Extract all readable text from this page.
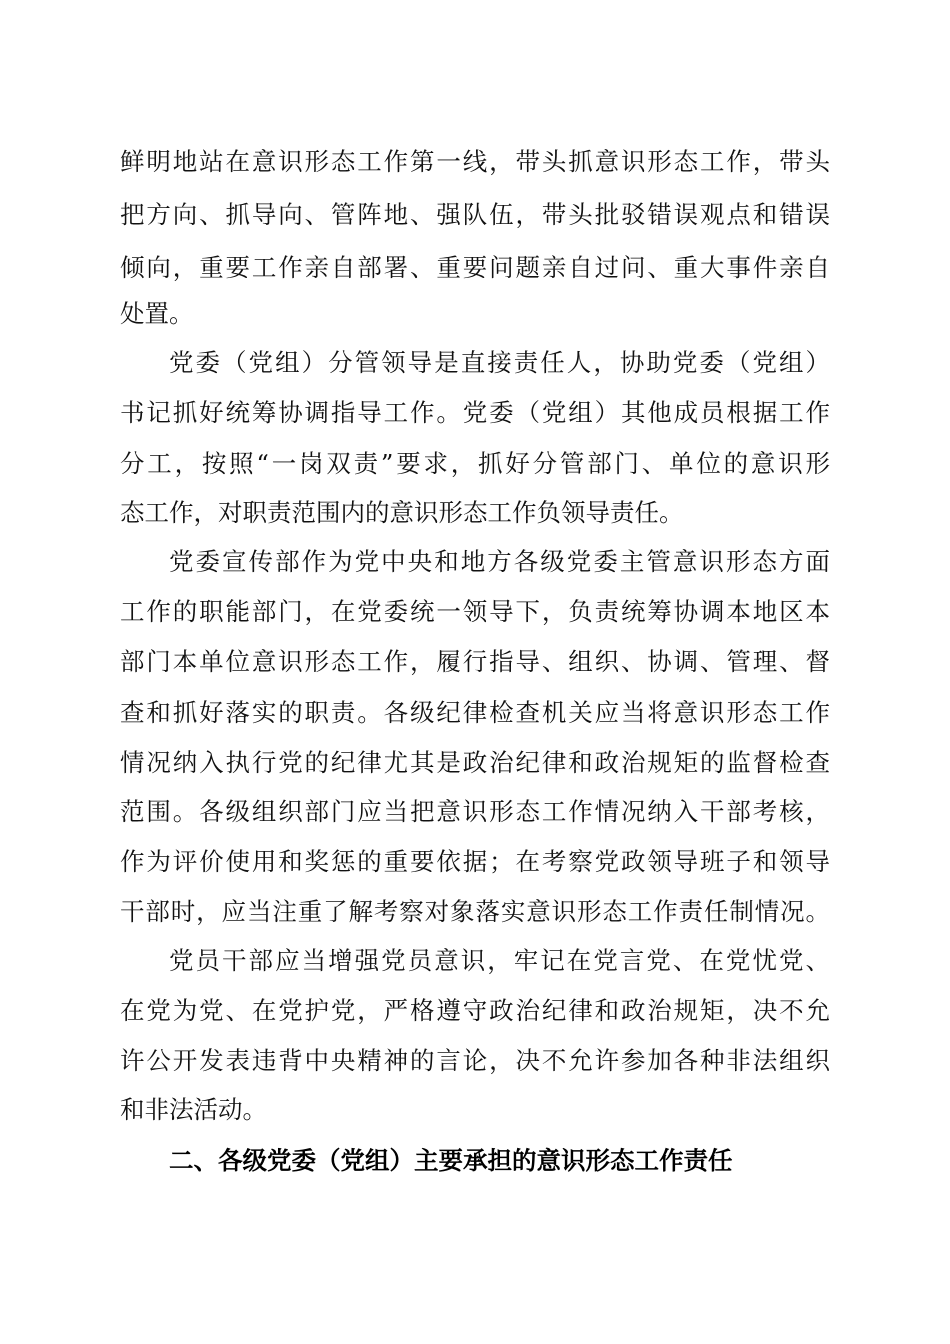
鲜明地站在意识形态工作第一线，带头抓意识形态工作，带头
把方向、抓导向、管阵地、强队伍，带头批驳错误观点和错误
倾向，重要工作亲自部署、重要问题亲自过问、重大事件亲自
处置。
党委（党组）分管领导是直接责任人，协助党委（党组）
书记抓好统筹协调指导工作。党委（党组）其他成员根据工作
分工，按照“一岗双责”要求，抓好分管部门、单位的意识形
态工作，对职责范围内的意识形态工作负领导责任。
党委宣传部作为党中央和地方各级党委主管意识形态方面
工作的职能部门，在党委统一领导下，负责统筹协调本地区本
部门本单位意识形态工作，履行指导、组织、协调、管理、督
查和抓好落实的职责。各级纪律检查机关应当将意识形态工作
情况纳入执行党的纪律尤其是政治纪律和政治规矩的监督检查
范围。各级组织部门应当把意识形态工作情况纳入干部考核，
作为评价使用和奖惩的重要依据；在考察党政领导班子和领导
干部时，应当注重了解考察对象落实意识形态工作责任制情况。
党员干部应当增强党员意识，牢记在党言党、在党忧党、
在党为党、在党护党，严格遵守政治纪律和政治规矩，决不允
许公开发表违背中央精神的言论，决不允许参加各种非法组织
和非法活动。
二、各级党委（党组）主要承担的意识形态工作责任
